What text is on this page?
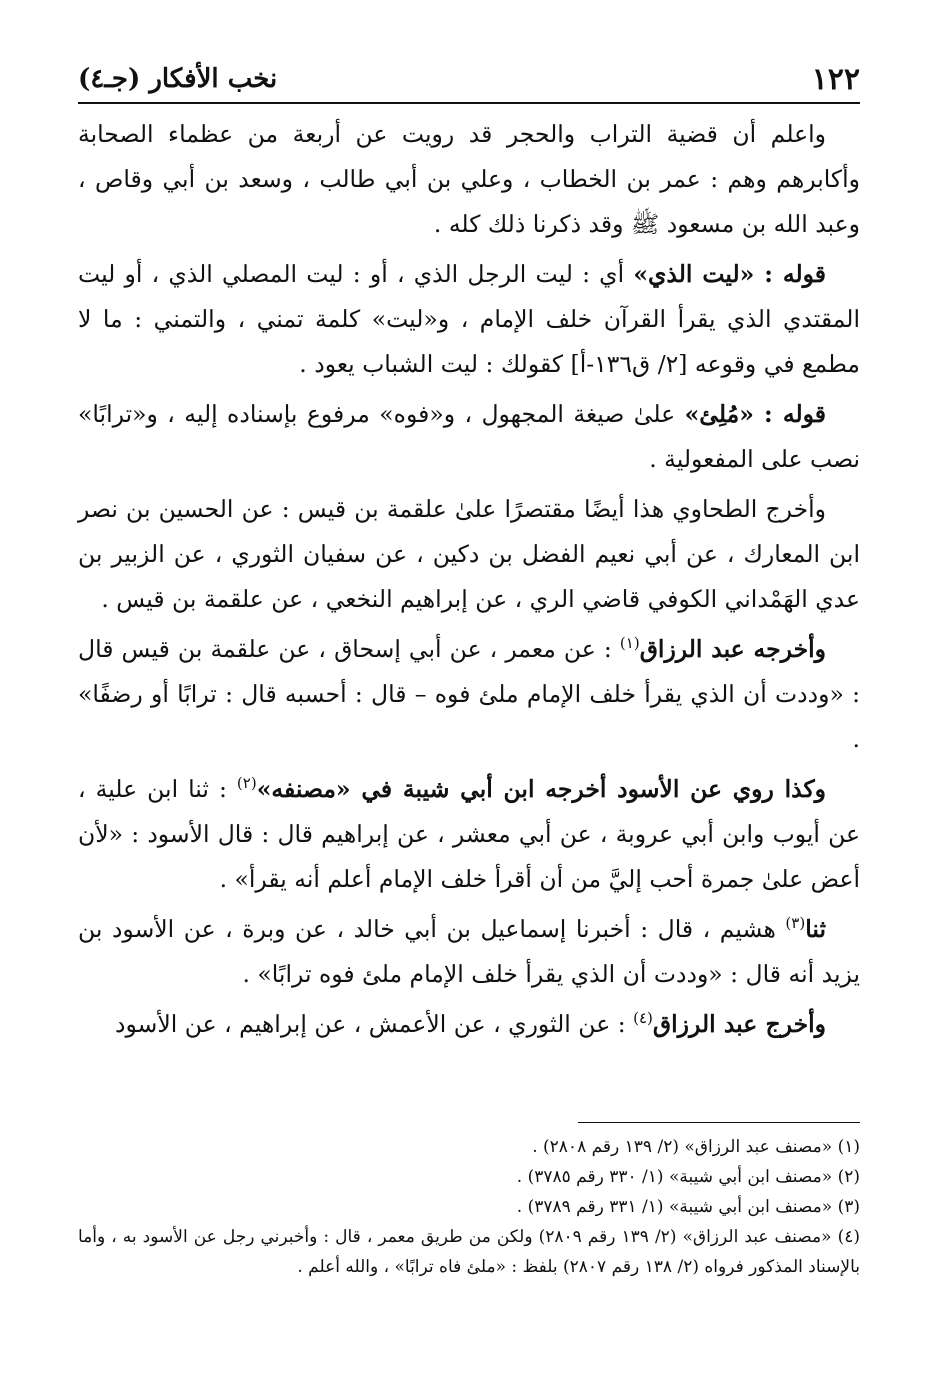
١٢٢
نخب الأفكار (جـ٤)

واعلم أن قضية التراب والحجر قد رويت عن أربعة من عظماء الصحابة وأكابرهم وهم : عمر بن الخطاب ، وعلي بن أبي طالب ، وسعد بن أبي وقاص ، وعبد الله بن مسعود ﷺ وقد ذكرنا ذلك كله .

قوله : «ليت الذي» أي : ليت الرجل الذي ، أو : ليت المصلي الذي ، أو ليت المقتدي الذي يقرأ القرآن خلف الإمام ، و«ليت» كلمة تمني ، والتمني : ما لا مطمع في وقوعه [٢/ ق١٣٦-أ] كقولك : ليت الشباب يعود .

قوله : «مُلِئ» علىٰ صيغة المجهول ، و«فوه» مرفوع بإسناده إليه ، و«ترابًا» نصب على المفعولية .

وأخرج الطحاوي هذا أيضًا مقتصرًا علىٰ علقمة بن قيس : عن الحسين بن نصر ابن المعارك ، عن أبي نعيم الفضل بن دكين ، عن سفيان الثوري ، عن الزبير بن عدي الهَمْداني الكوفي قاضي الري ، عن إبراهيم النخعي ، عن علقمة بن قيس .

وأخرجه عبد الرزاق$^{(١)}$ : عن معمر ، عن أبي إسحاق ، عن علقمة بن قيس قال : «وددت أن الذي يقرأ خلف الإمام ملئ فوه – قال : أحسبه قال : ترابًا أو رضفًا» .

وكذا روي عن الأسود أخرجه ابن أبي شيبة في «مصنفه»$^{(٢)}$ : ثنا ابن علية ، عن أيوب وابن أبي عروبة ، عن أبي معشر ، عن إبراهيم قال : قال الأسود : «لأن أعض علىٰ جمرة أحب إليَّ من أن أقرأ خلف الإمام أعلم أنه يقرأ» .

ثنا$^{(٣)}$ هشيم ، قال : أخبرنا إسماعيل بن أبي خالد ، عن وبرة ، عن الأسود بن يزيد أنه قال : «وددت أن الذي يقرأ خلف الإمام ملئ فوه ترابًا» .

وأخرج عبد الرزاق$^{(٤)}$ : عن الثوري ، عن الأعمش ، عن إبراهيم ، عن الأسود

(١) «مصنف عبد الرزاق» (٢/ ١٣٩ رقم ٢٨٠٨) .

(٢) «مصنف ابن أبي شيبة» (١/ ٣٣٠ رقم ٣٧٨٥) .

(٣) «مصنف ابن أبي شيبة» (١/ ٣٣١ رقم ٣٧٨٩) .

(٤) «مصنف عبد الرزاق» (٢/ ١٣٩ رقم ٢٨٠٩) ولكن من طريق معمر ، قال : وأخبرني رجل عن الأسود به ، وأما بالإسناد المذكور فرواه (٢/ ١٣٨ رقم ٢٨٠٧) بلفظ : «ملئ فاه ترابًا» ، والله أعلم .
